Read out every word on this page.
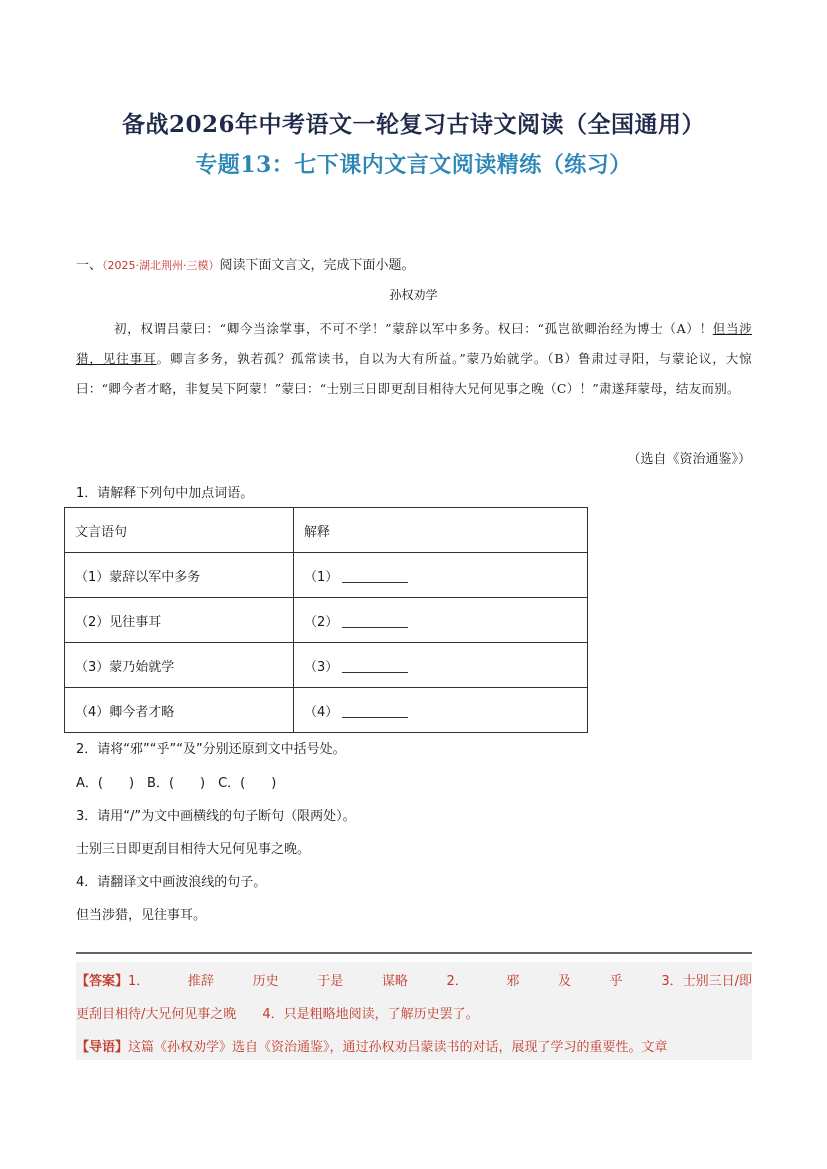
备战2026年中考语文一轮复习古诗文阅读（全国通用）
专题13：七下课内文言文阅读精练（练习）
一、（2025·湖北荆州·三模）阅读下面文言文，完成下面小题。
孙权劝学
初，权谓吕蒙曰：“卿今当涂掌事，不可不学！”蒙辞以军中多务。权曰：“孤岂欲卿治经为博士（A）！但当涉猎，见往事耳。卿言多务，孰若孤？孤常读书，自以为大有所益。”蒙乃始就学。（B）鲁肃过寻阳，与蒙论议，大惊曰：“卿今者才略，非复吴下阿蒙！”蒙曰：“士别三日即更刮目相待大兄何见事之晚（C）！”肃遂拜蒙母，结友而别。
（选自《资治通鉴》）
1．请解释下列句中加点词语。
文言语句	解释
（1）蒙辞以军中多务	（1）
（2）见往事耳	（2）
（3）蒙乃始就学	（3）
（4）卿今者才略	（4）
2．请将“邪”“乎”“及”分别还原到文中括号处。
A．(　　)　B．(　　)　C．(　　)
3．请用“/”为文中画横线的句子断句（限两处）。
士别三日即更刮目相待大兄何见事之晚。
4．请翻译文中画波浪线的句子。
但当涉猎，见往事耳。
【答案】1．	推辞	历史	于是	谋略	2．	邪	及	乎	3．士别三日/即
更刮目相待/大兄何见事之晚　　4．只是粗略地阅读，了解历史罢了。
【导语】这篇《孙权劝学》选自《资治通鉴》，通过孙权劝吕蒙读书的对话，展现了学习的重要性。文章
